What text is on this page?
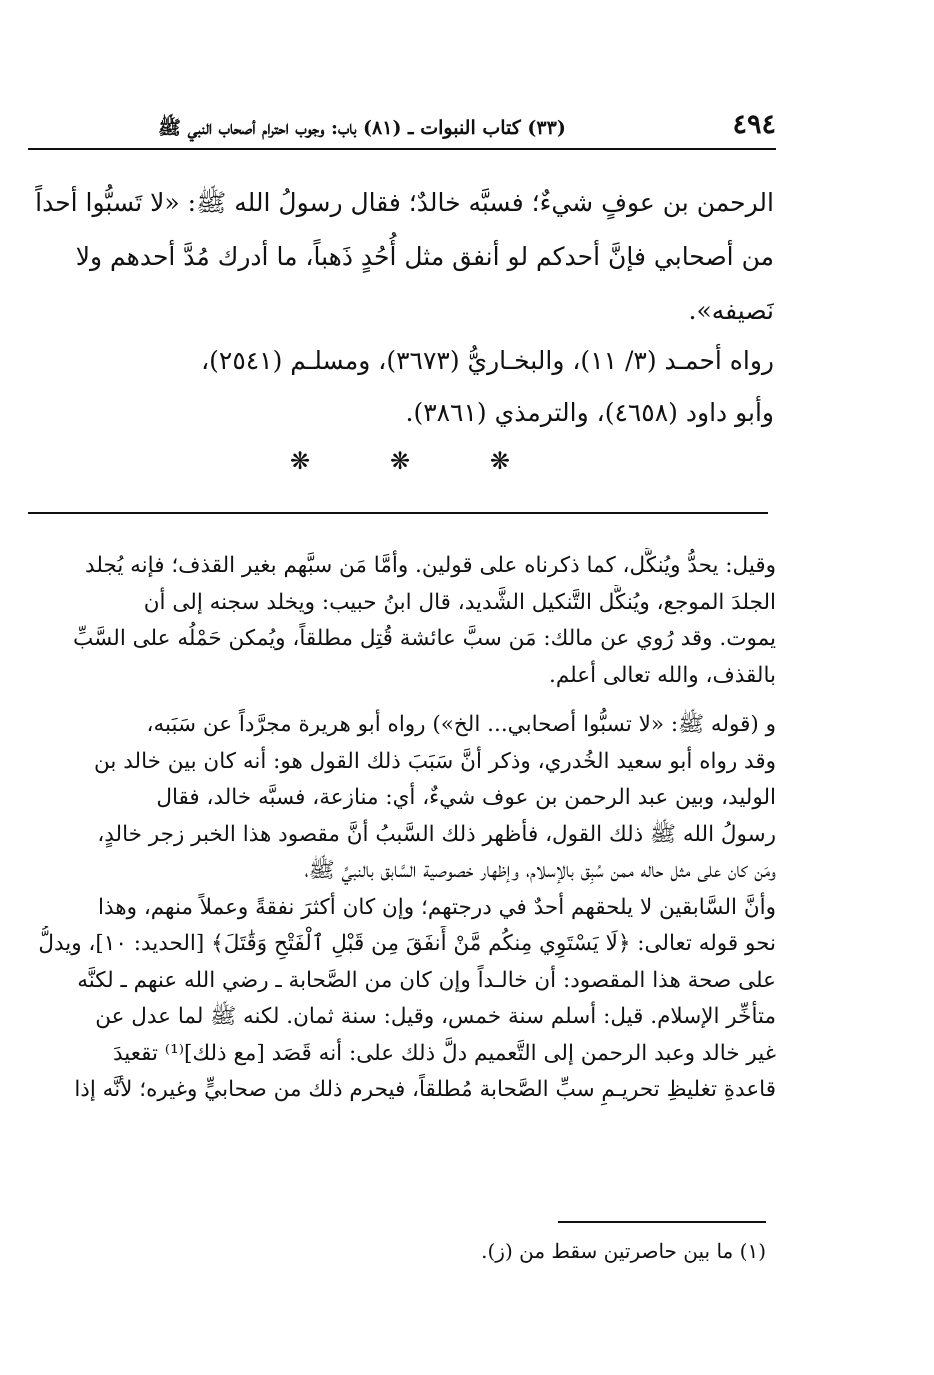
٤٩٤
(٣٣) كتاب النبوات ـ (٨١) باب: وجوب احترام أصحاب النبي ﷺ
الرحمن بن عوفٍ شيءٌ؛ فسبَّه خالدٌ؛ فقال رسولُ الله ﷺ: «لا تَسبُّوا أحداً
من أصحابي فإنَّ أحدكم لو أنفق مثل أُحُدٍ ذَهباً، ما أدرك مُدَّ أحدهم ولا
نَصيفه».
رواه أحمـد (٣/ ١١)، والبخـاريُّ (٣٦٧٣)، ومسلـم (٢٥٤١)،
وأبو داود (٤٦٥٨)، والترمذي (٣٨٦١).
❋
❋
❋
وقيل: يحدُّ ويُنكَّل، كما ذكرناه على قولين. وأمَّا مَن سبَّهم بغير القذف؛ فإنه يُجلد
الجلدَ الموجع، ويُنكَّل التَّنكيل الشَّديد، قال ابنُ حبيب: ويخلد سجنه إلى أن
يموت. وقد رُوي عن مالك: مَن سبَّ عائشة قُتِل مطلقاً، ويُمكن حَمْلُه على السَّبِّ
بالقذف، والله تعالى أعلم.
و (قوله ﷺ: «لا تسبُّوا أصحابي... الخ») رواه أبو هريرة مجرَّداً عن سَبَبه،
وقد رواه أبو سعيد الخُدري، وذكر أنَّ سَبَبَ ذلك القول هو: أنه كان بين خالد بن
الوليد، وبين عبد الرحمن بن عوف شيءٌ، أي: منازعة، فسبَّه خالد، فقال
رسولُ الله ﷺ ذلك القول، فأظهر ذلك السَّببُ أنَّ مقصود هذا الخبر زجر خالدٍ،
ومَن كان على مثل حاله ممن سُبِق بالإسلام، وإظهار خصوصية السَّابق بالنبيِّ ﷺ،
وأنَّ السَّابقين لا يلحقهم أحدٌ في درجتهم؛ وإن كان أكثرَ نفقةً وعملاً منهم، وهذا
نحو قوله تعالى: ﴿لَا يَسْتَوِي مِنكُم مَّنْ أَنفَقَ مِن قَبْلِ ٱلْفَتْحِ وَقَٰتَلَ﴾ [الحديد: ١٠]، ويدلُّ
على صحة هذا المقصود: أن خالـداً وإن كان من الصَّحابة ـ رضي الله عنهم ـ لكنَّه
متأخِّر الإسلام. قيل: أسلم سنة خمس، وقيل: سنة ثمان. لكنه ﷺ لما عدل عن
غير خالد وعبد الرحمن إلى التَّعميم دلَّ ذلك على: أنه قَصَد [مع ذلك]⁽¹⁾ تقعيدَ
قاعدةِ تغليظِ تحريـمِ سبِّ الصَّحابة مُطلقاً، فيحرم ذلك من صحابيٍّ وغيره؛ لأنَّه إذا
(١) ما بين حاصرتين سقط من (ز).
